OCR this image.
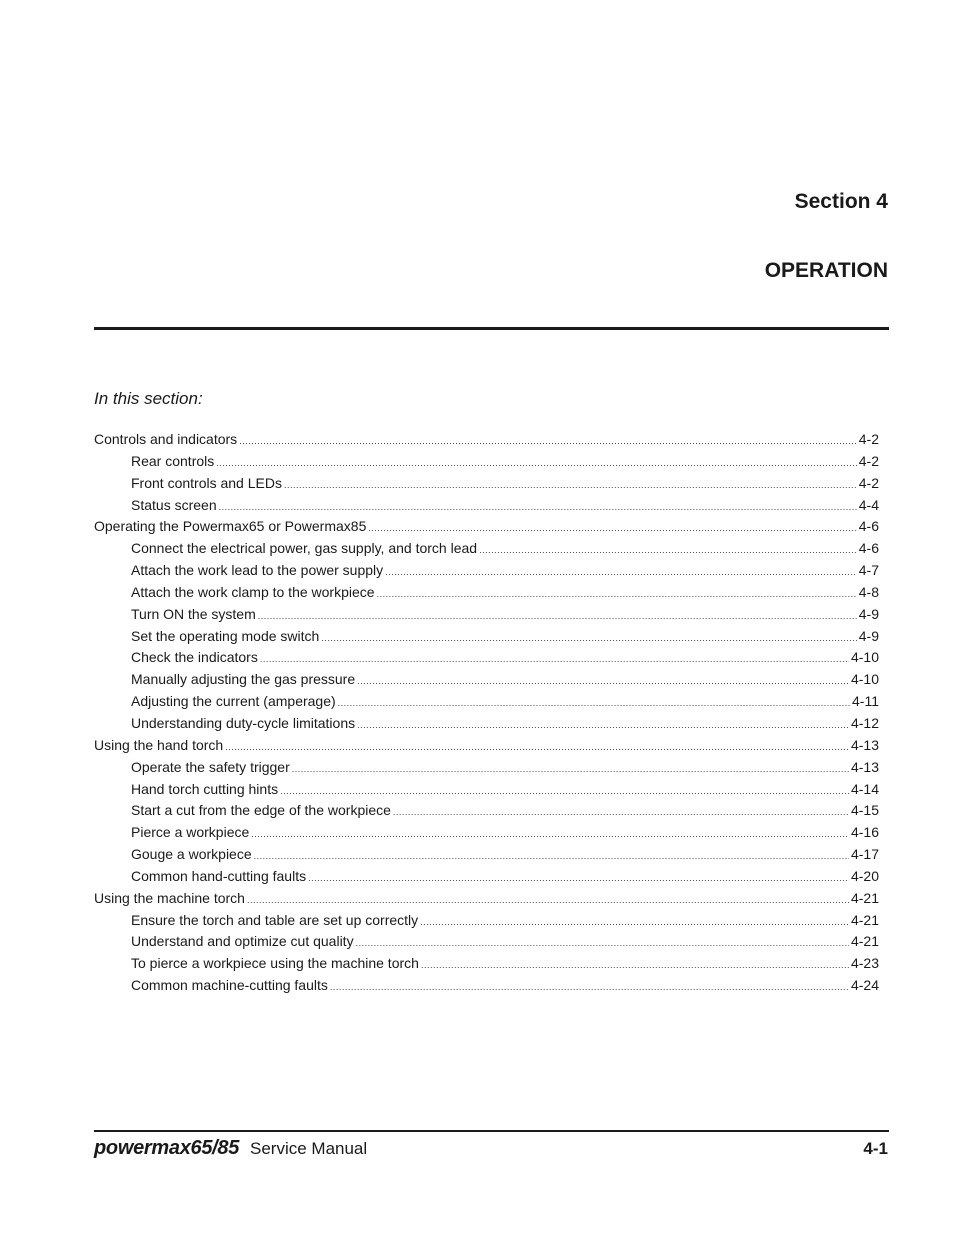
Section 4
OPERATION
In this section:
Controls and indicators .....	4-2
Rear controls .....	4-2
Front controls and LEDs .....	4-2
Status screen .....	4-4
Operating the Powermax65 or Powermax85 .....	4-6
Connect the electrical power, gas supply, and torch lead .....	4-6
Attach the work lead to the power supply .....	4-7
Attach the work clamp to the workpiece .....	4-8
Turn ON the system .....	4-9
Set the operating mode switch .....	4-9
Check the indicators .....	4-10
Manually adjusting the gas pressure .....	4-10
Adjusting the current (amperage) .....	4-11
Understanding duty-cycle limitations .....	4-12
Using the hand torch .....	4-13
Operate the safety trigger .....	4-13
Hand torch cutting hints .....	4-14
Start a cut from the edge of the workpiece .....	4-15
Pierce a workpiece .....	4-16
Gouge a workpiece .....	4-17
Common hand-cutting faults .....	4-20
Using the machine torch .....	4-21
Ensure the torch and table are set up correctly .....	4-21
Understand and optimize cut quality .....	4-21
To pierce a workpiece using the machine torch .....	4-23
Common machine-cutting faults .....	4-24
powermax65/85 Service Manual	4-1
